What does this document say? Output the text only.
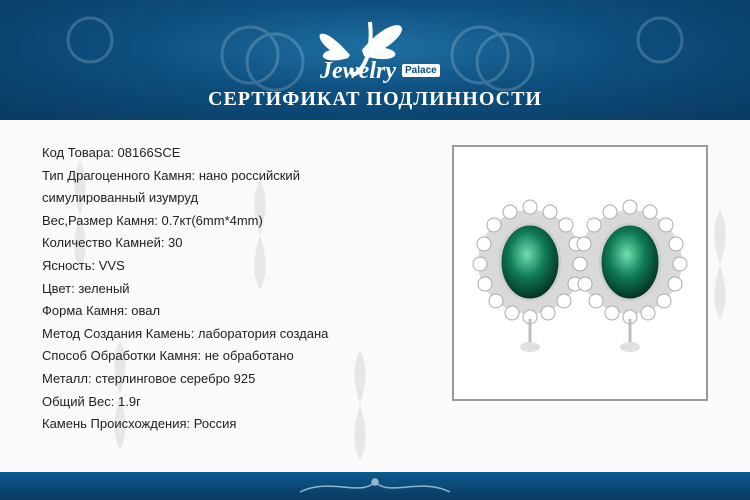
Jewelry Palace
СЕРТИФИКАТ ПОДЛИННОСТИ
Код Товара: 08166SCE
Тип Драгоценного Камня: нано российский
симулированный изумруд
Вес,Размер Камня: 0.7кт(6mm*4mm)
Количество Камней: 30
Ясность: VVS
Цвет: зеленый
Форма Камня: овал
Метод Создания Камень: лаборатория создана
Способ Обработки Камня: не обработано
Металл: стерлинговое серебро 925
Общий Вес: 1.9г
Камень Происхождения: Россия
